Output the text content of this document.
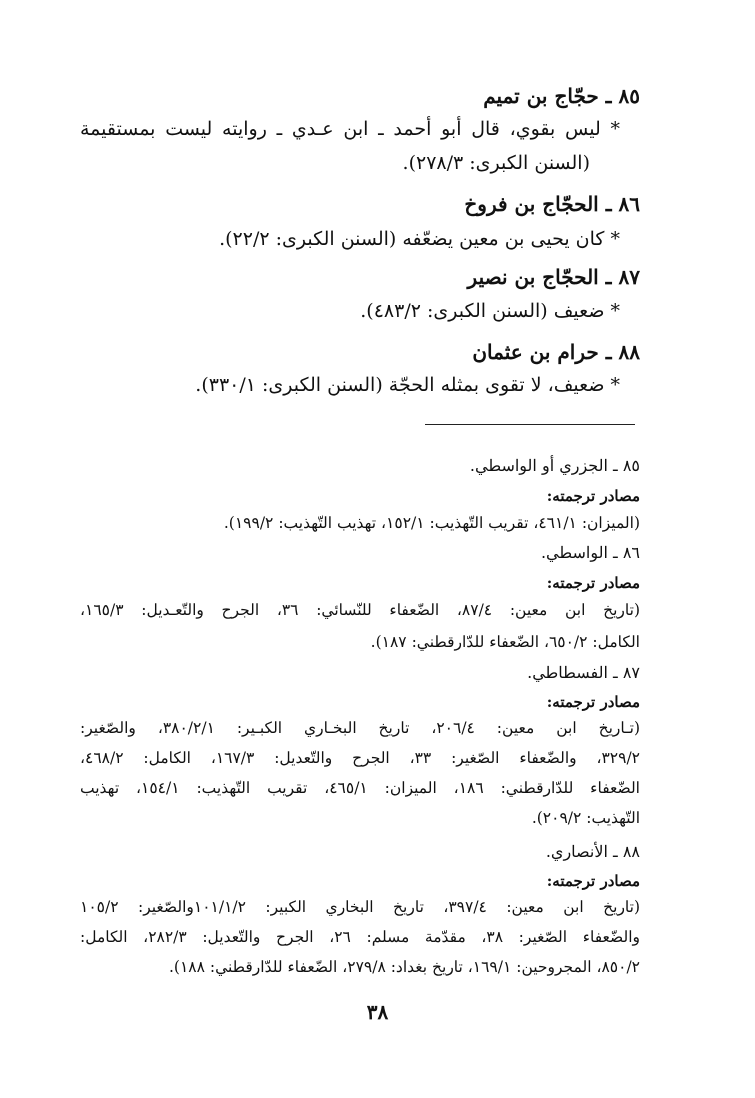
٨٥ ـ حجّاج بن تميم
* ليس بقوي، قال أبو أحمد ـ ابن عـدي ـ روايته ليست بمستقيمة
(السنن الكبرى: ٢٧٨/٣).
٨٦ ـ الحجّاج بن فروخ
* كان يحيى بن معين يضعّفه (السنن الكبرى: ٢٢/٢).
٨٧ ـ الحجّاج بن نصير
* ضعيف (السنن الكبرى: ٤٨٣/٢).
٨٨ ـ حرام بن عثمان
* ضعيف، لا تقوى بمثله الحجّة (السنن الكبرى: ٣٣٠/١).
٨٥ ـ الجزري أو الواسطي.
مصادر ترجمته:
(الميزان: ٤٦١/١، تقريب التّهذيب: ١٥٢/١، تهذيب التّهذيب: ١٩٩/٢).
٨٦ ـ الواسطي.
مصادر ترجمته:
(تاريخ ابن معين: ٨٧/٤، الضّعفاء للنّسائي: ٣٦، الجرح والتّعـديل: ١٦٥/٣،
الكامل: ٦٥٠/٢، الضّعفاء للدّارقطني: ١٨٧).
٨٧ ـ الفسطاطي.
مصادر ترجمته:
(تـاريخ ابن معين: ٢٠٦/٤، تاريخ البخـاري الكبـير: ٣٨٠/٢/١، والصّغير:
٣٢٩/٢، والضّعفاء الصّغير: ٣٣، الجرح والتّعديل: ١٦٧/٣، الكامل: ٤٦٨/٢،
الضّعفاء للدّارقطني: ١٨٦، الميزان: ٤٦٥/١، تقريب التّهذيب: ١٥٤/١، تهذيب
التّهذيب: ٢٠٩/٢).
٨٨ ـ الأنصاري.
مصادر ترجمته:
(تاريخ ابن معين: ٣٩٧/٤، تاريخ البخاري الكبير: ١٠١/١/٢والصّغير: ١٠٥/٢
والضّعفاء الصّغير: ٣٨، مقدّمة مسلم: ٢٦، الجرح والتّعديل: ٢٨٢/٣، الكامل:
٨٥٠/٢، المجروحين: ١٦٩/١، تاريخ بغداد: ٢٧٩/٨، الضّعفاء للدّارقطني: ١٨٨).
٣٨
